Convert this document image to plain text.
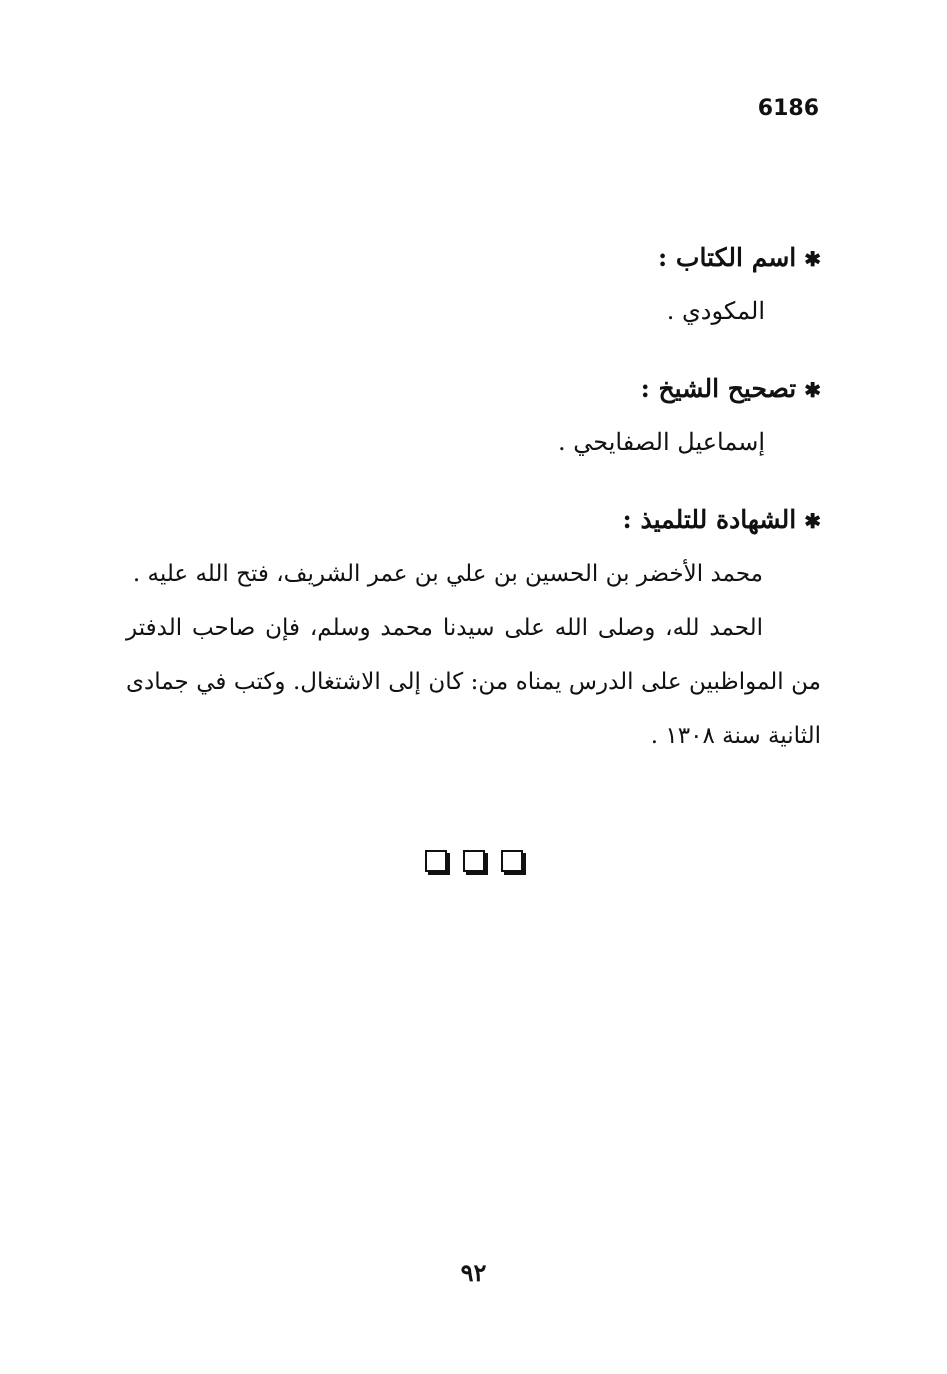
6186

✱اسم الكتاب :

المكودي .

✱تصحيح الشيخ :

إسماعيل الصفايحي .

✱الشهادة للتلميذ :

محمد الأخضر بن الحسين بن علي بن عمر الشريف، فتح الله عليه .

الحمد لله، وصلى الله على سيدنا محمد وسلم، فإن صاحب الدفتر من المواظبين على الدرس يمناه من: كان إلى الاشتغال. وكتب في جمادى الثانية سنة ١٣٠٨ .

٩٢
